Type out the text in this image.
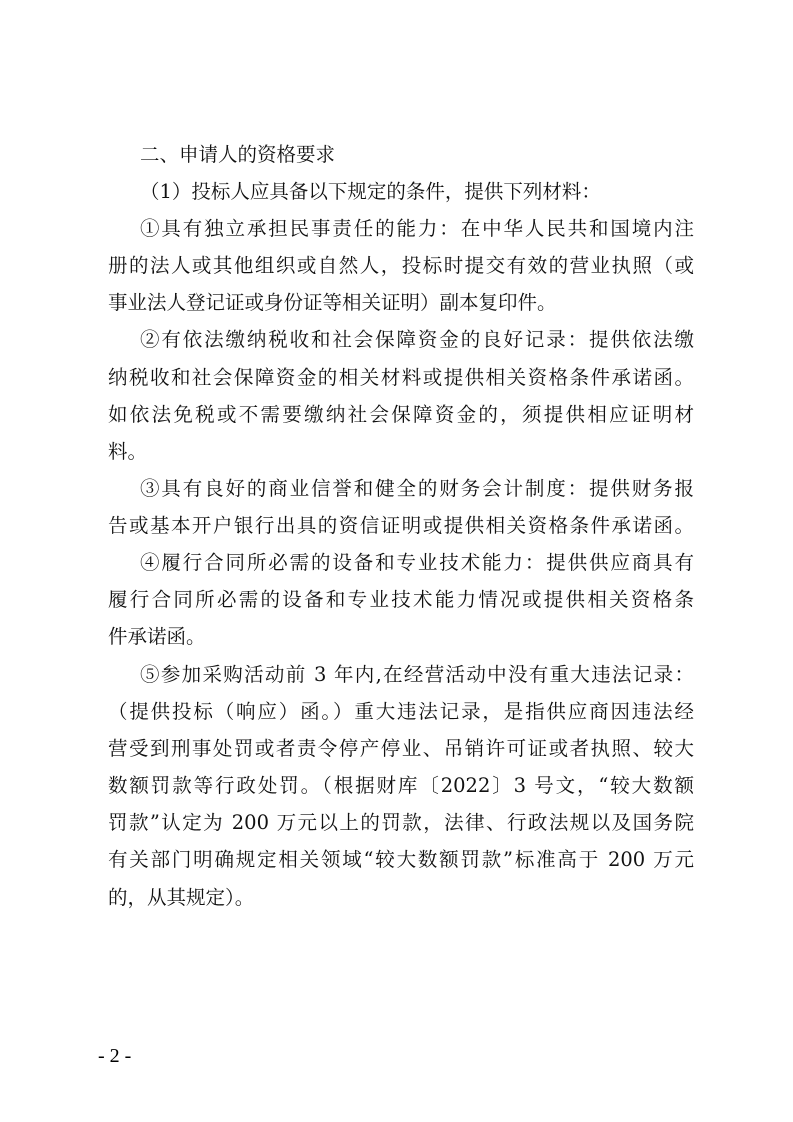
二、申请人的资格要求
（1）投标人应具备以下规定的条件，提供下列材料：
①具有独立承担民事责任的能力：在中华人民共和国境内注
册的法人或其他组织或自然人，投标时提交有效的营业执照（或
事业法人登记证或身份证等相关证明）副本复印件。
②有依法缴纳税收和社会保障资金的良好记录：提供依法缴
纳税收和社会保障资金的相关材料或提供相关资格条件承诺函。
如依法免税或不需要缴纳社会保障资金的，须提供相应证明材
料。
③具有良好的商业信誉和健全的财务会计制度：提供财务报
告或基本开户银行出具的资信证明或提供相关资格条件承诺函。
④履行合同所必需的设备和专业技术能力：提供供应商具有
履行合同所必需的设备和专业技术能力情况或提供相关资格条
件承诺函。
⑤参加采购活动前 3 年内,在经营活动中没有重大违法记录：
（提供投标（响应）函。）重大违法记录，是指供应商因违法经
营受到刑事处罚或者责令停产停业、吊销许可证或者执照、较大
数额罚款等行政处罚。（根据财库〔2022〕3 号文，“较大数额
罚款”认定为 200 万元以上的罚款，法律、行政法规以及国务院
有关部门明确规定相关领域“较大数额罚款”标准高于 200 万元
的，从其规定）。
- 2 -
